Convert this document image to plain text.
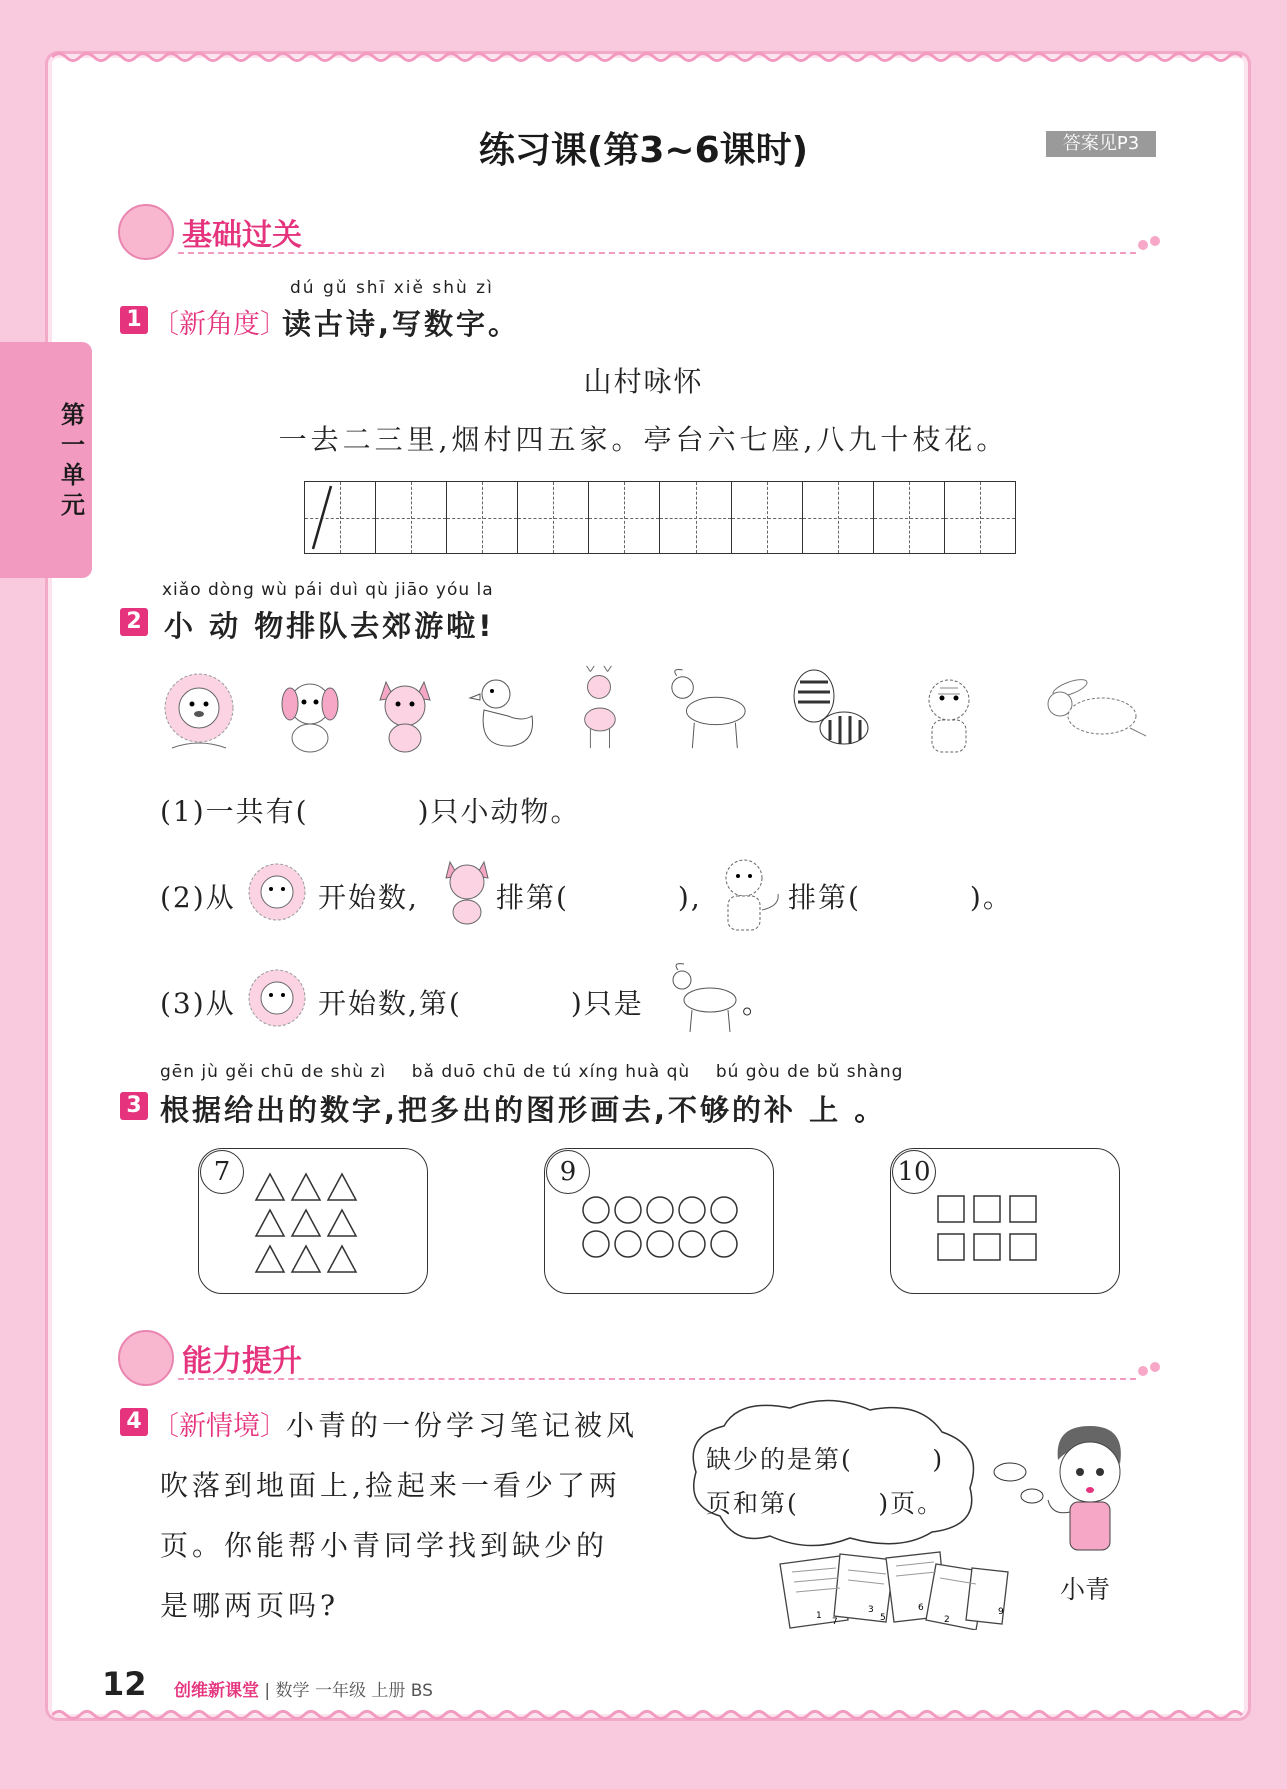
第一单元
练习课(第3~6课时)	答案见P3
基础过关
dú gǔ shī xiě shù zì
1 〔新角度〕
读古诗,写数字。
山村咏怀
一去二三里,烟村四五家。亭台六七座,八九十枝花。
xiǎo dòng wù pái duì qù jiāo yóu la
2 小 动 物排队去郊游啦!
(1)一共有(          )只小动物。
(2)从	开始数,	排第(          ),	排第(          )。
(3)从	开始数,第(          )只是	。
gēn jù gěi chū de shù zì    bǎ duō chū de tú xíng huà qù    bú gòu de bǔ shàng
3 根据给出的数字,把多出的图形画去,不够的补 上 。
7	9	10
能力提升
4 〔新情境〕 小青的一份学习笔记被风
吹落到地面上,捡起来一看少了两
页。你能帮小青同学找到缺少的
是哪两页吗?
缺少的是第(        )
页和第(        )页。
小青
1
7
3
5
6
2
9
12 创维新课堂 | 数学 一年级 上册 BS
